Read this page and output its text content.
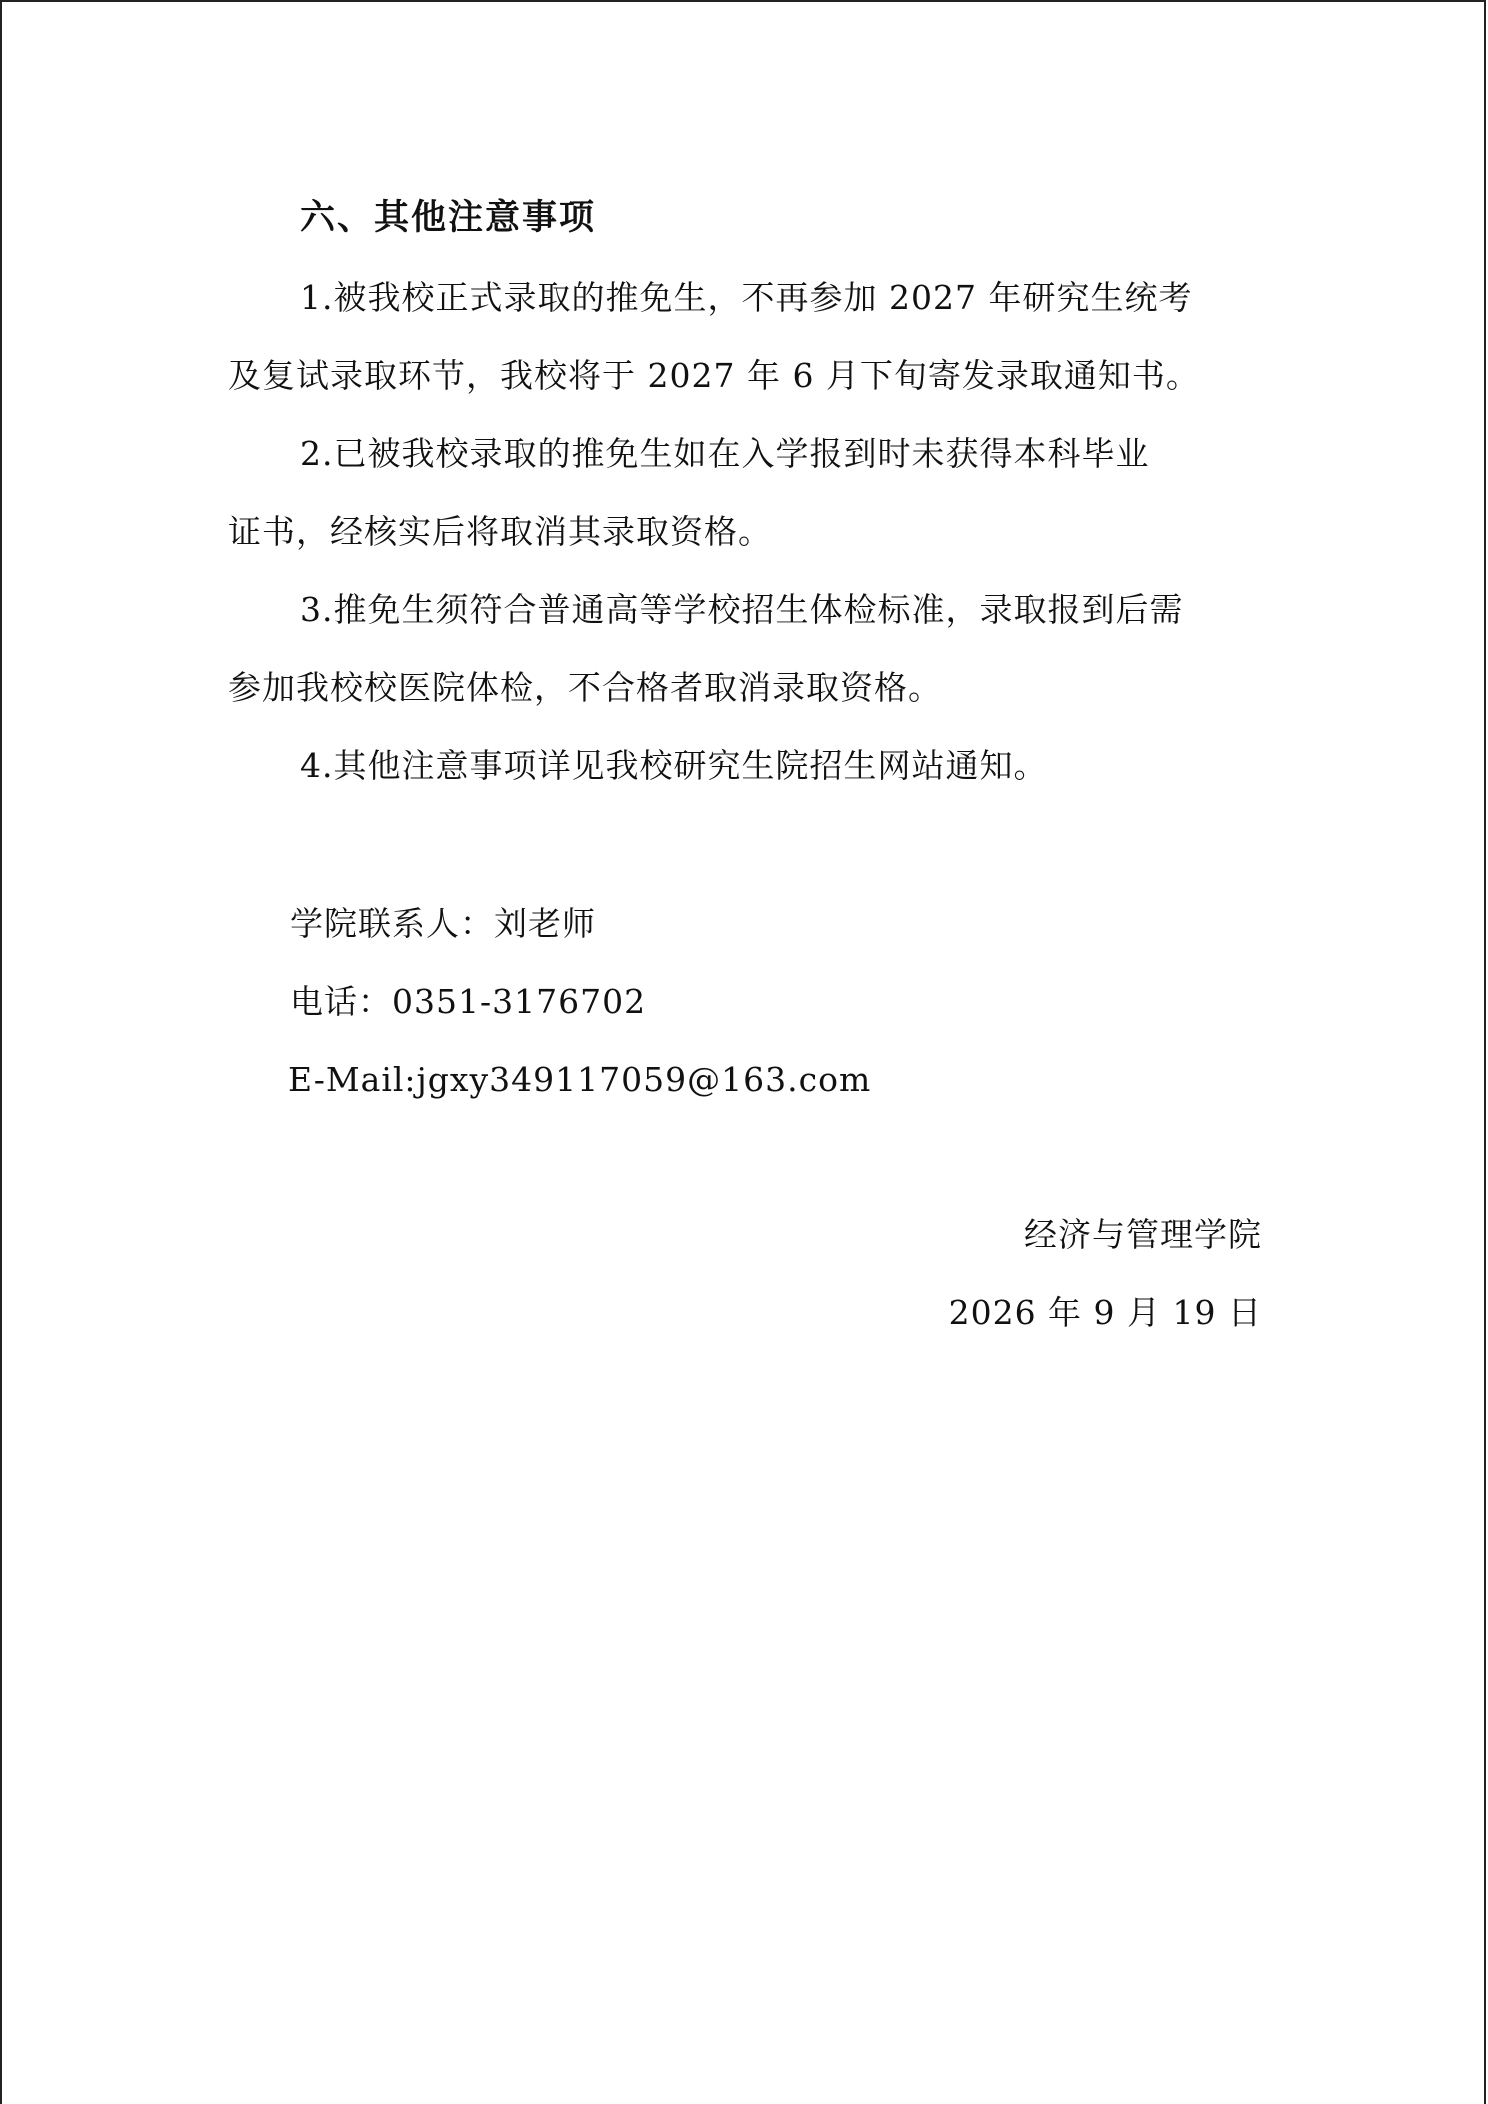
六、其他注意事项
1.被我校正式录取的推免生，不再参加 2027 年研究生统考
及复试录取环节，我校将于 2027 年 6 月下旬寄发录取通知书。
2.已被我校录取的推免生如在入学报到时未获得本科毕业
证书，经核实后将取消其录取资格。
3.推免生须符合普通高等学校招生体检标准，录取报到后需
参加我校校医院体检，不合格者取消录取资格。
4.其他注意事项详见我校研究生院招生网站通知。
学院联系人：刘老师
电话：0351-3176702
E-Mail:jgxy349117059@163.com
经济与管理学院
2026 年 9 月 19 日
